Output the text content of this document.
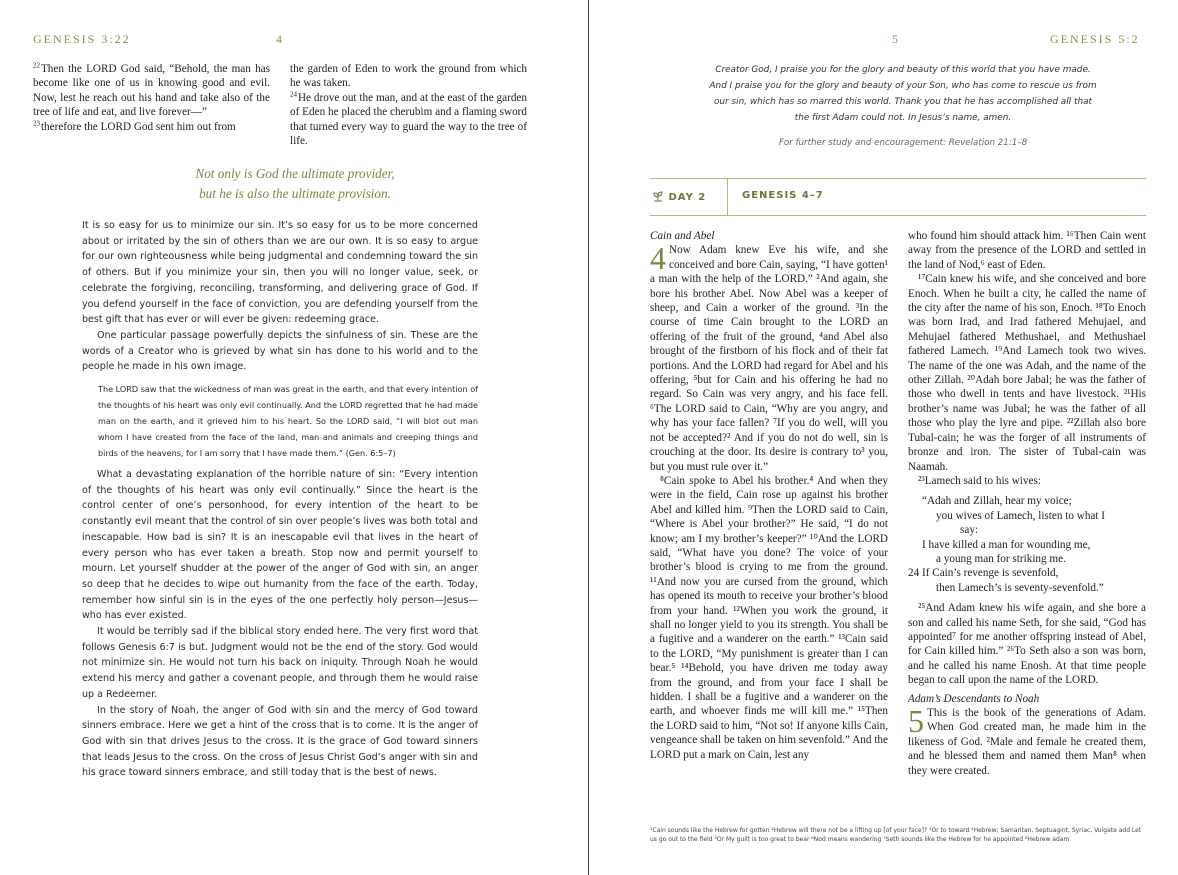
GENESIS 3:22	4

$^{22}$ Then the LORD God said, “Behold, the man has become like one of us in knowing good and evil. Now, lest he reach out his hand and take also of the tree of life and eat, and live forever—”

$^{23}$ therefore the LORD God sent him out from

the garden of Eden to work the ground from which he was taken.

$^{24}$ He drove out the man, and at the east of the garden of Eden he placed the cherubim and a flaming sword that turned every way to guard the way to the tree of life.

Not only is God the ultimate provider,
but he is also the ultimate provision.

It is so easy for us to minimize our sin. It’s so easy for us to be more concerned about or irritated by the sin of others than we are our own. It is so easy to argue for our own righteousness while being judgmental and condemning toward the sin of others. But if you minimize your sin, then you will no longer value, seek, or celebrate the forgiving, reconciling, transforming, and delivering grace of God. If you defend yourself in the face of conviction, you are defending yourself from the best gift that has ever or will ever be given: redeeming grace.

One particular passage powerfully depicts the sinfulness of sin. These are the words of a Creator who is grieved by what sin has done to his world and to the people he made in his own image.

The LORD saw that the wickedness of man was great in the earth, and that every intention of the thoughts of his heart was only evil continually. And the LORD regretted that he had made man on the earth, and it grieved him to his heart. So the LORD said, “I will blot out man whom I have created from the face of the land, man and animals and creeping things and birds of the heavens, for I am sorry that I have made them.” (Gen. 6:5–7)

What a devastating explanation of the horrible nature of sin: “Every intention of the thoughts of his heart was only evil continually.” Since the heart is the control center of one’s personhood, for every intention of the heart to be constantly evil meant that the control of sin over people’s lives was both total and inescapable. How bad is sin? It is an inescapable evil that lives in the heart of every person who has ever taken a breath. Stop now and permit yourself to mourn. Let yourself shudder at the power of the anger of God with sin, an anger so deep that he decides to wipe out humanity from the face of the earth. Today, remember how sinful sin is in the eyes of the one perfectly holy person—Jesus—who has ever existed.

It would be terribly sad if the biblical story ended here. The very first word that follows Genesis 6:7 is but. Judgment would not be the end of the story. God would not minimize sin. He would not turn his back on iniquity. Through Noah he would extend his mercy and gather a covenant people, and through them he would raise up a Redeemer.

In the story of Noah, the anger of God with sin and the mercy of God toward sinners embrace. Here we get a hint of the cross that is to come. It is the anger of God with sin that drives Jesus to the cross. It is the grace of God toward sinners that leads Jesus to the cross. On the cross of Jesus Christ God’s anger with sin and his grace toward sinners embrace, and still today that is the best of news.

5	GENESIS 5:2
Creator God, I praise you for the glory and beauty of this world that you have made. And I praise you for the glory and beauty of your Son, who has come to rescue us from our sin, which has so marred this world. Thank you that he has accomplished all that the first Adam could not. In Jesus’s name, amen.
For further study and encouragement: Revelation 21:1–8
DAY 2	GENESIS 4–7

Cain and Abel

4 Now Adam knew Eve his wife, and she conceived and bore Cain, saying, “I have gotten¹ a man with the help of the LORD.” ²And again, she bore his brother Abel. Now Abel was a keeper of sheep, and Cain a worker of the ground. ³In the course of time Cain brought to the LORD an offering of the fruit of the ground, ⁴and Abel also brought of the firstborn of his flock and of their fat portions. And the LORD had regard for Abel and his offering, ⁵but for Cain and his offering he had no regard. So Cain was very angry, and his face fell. ⁶The LORD said to Cain, “Why are you angry, and why has your face fallen? ⁷If you do well, will you not be accepted?² And if you do not do well, sin is crouching at the door. Its desire is contrary to³ you, but you must rule over it.”

⁸Cain spoke to Abel his brother.⁴ And when they were in the field, Cain rose up against his brother Abel and killed him. ⁹Then the LORD said to Cain, “Where is Abel your brother?” He said, “I do not know; am I my brother’s keeper?” ¹⁰And the LORD said, “What have you done? The voice of your brother’s blood is crying to me from the ground. ¹¹And now you are cursed from the ground, which has opened its mouth to receive your brother’s blood from your hand. ¹²When you work the ground, it shall no longer yield to you its strength. You shall be a fugitive and a wanderer on the earth.” ¹³Cain said to the LORD, “My punishment is greater than I can bear.⁵ ¹⁴Behold, you have driven me today away from the ground, and from your face I shall be hidden. I shall be a fugitive and a wanderer on the earth, and whoever finds me will kill me.” ¹⁵Then the LORD said to him, “Not so! If anyone kills Cain, vengeance shall be taken on him sevenfold.” And the LORD put a mark on Cain, lest any

who found him should attack him. ¹⁶Then Cain went away from the presence of the LORD and settled in the land of Nod,⁶ east of Eden.

¹⁷Cain knew his wife, and she conceived and bore Enoch. When he built a city, he called the name of the city after the name of his son, Enoch. ¹⁸To Enoch was born Irad, and Irad fathered Mehujael, and Mehujael fathered Methushael, and Methushael fathered Lamech. ¹⁹And Lamech took two wives. The name of the one was Adah, and the name of the other Zillah. ²⁰Adah bore Jabal; he was the father of those who dwell in tents and have livestock. ²¹His brother’s name was Jubal; he was the father of all those who play the lyre and pipe. ²²Zillah also bore Tubal-cain; he was the forger of all instruments of bronze and iron. The sister of Tubal-cain was Naamah.

²³Lamech said to his wives:

“Adah and Zillah, hear my voice;
you wives of Lamech, listen to what I
say:
I have killed a man for wounding me,
a young man for striking me.
24 If Cain’s revenge is sevenfold,
then Lamech’s is seventy-sevenfold.”

²⁵And Adam knew his wife again, and she bore a son and called his name Seth, for she said, “God has appointed⁷ for me another offspring instead of Abel, for Cain killed him.” ²⁶To Seth also a son was born, and he called his name Enosh. At that time people began to call upon the name of the LORD.

Adam’s Descendants to Noah

5 This is the book of the generations of Adam. When God created man, he made him in the likeness of God. ²Male and female he created them, and he blessed them and named them Man⁸ when they were created.

¹Cain sounds like the Hebrew for gotten ²Hebrew will there not be a lifting up [of your face]? ³Or to toward ⁴Hebrew; Samaritan, Septuagint, Syriac, Vulgate add Let us go out to the field ⁵Or My guilt is too great to bear ⁶Nod means wandering ⁷Seth sounds like the Hebrew for he appointed ⁸Hebrew adam
